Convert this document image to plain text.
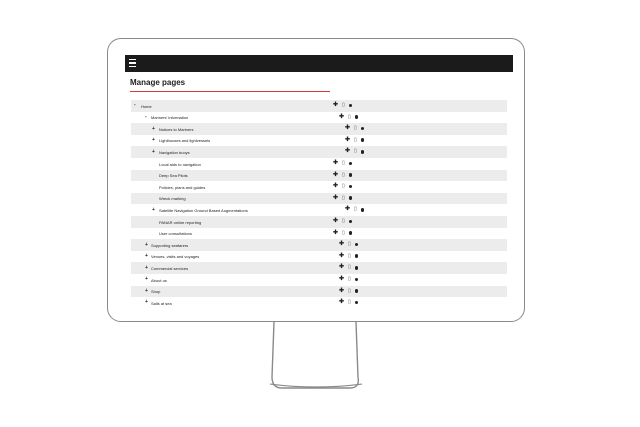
Manage pages
- Home	✚ ▯
- Mariners' information	✚ ▯
+ Notices to Mariners	✚ ▯
+ Lighthouses and lightvessels	✚ ▯
+ Navigation buoys	✚ ▯
Local aids to navigation	✚ ▯
Deep Sea Pilots	✚ ▯
Policies, plans and guides	✚ ▯
Wreck marking	✚ ▯
+ Satellite Navigation Ground Based Augmentations	✚ ▯
PANAR online reporting	✚ ▯
User consultations	✚ ▯
+ Supporting seafarers	✚ ▯
+ Venues, visits and voyages	✚ ▯
+ Commercial services	✚ ▯
+ About us	✚ ▯
+ Shop	✚ ▯
+ Sails at sea	✚ ▯
